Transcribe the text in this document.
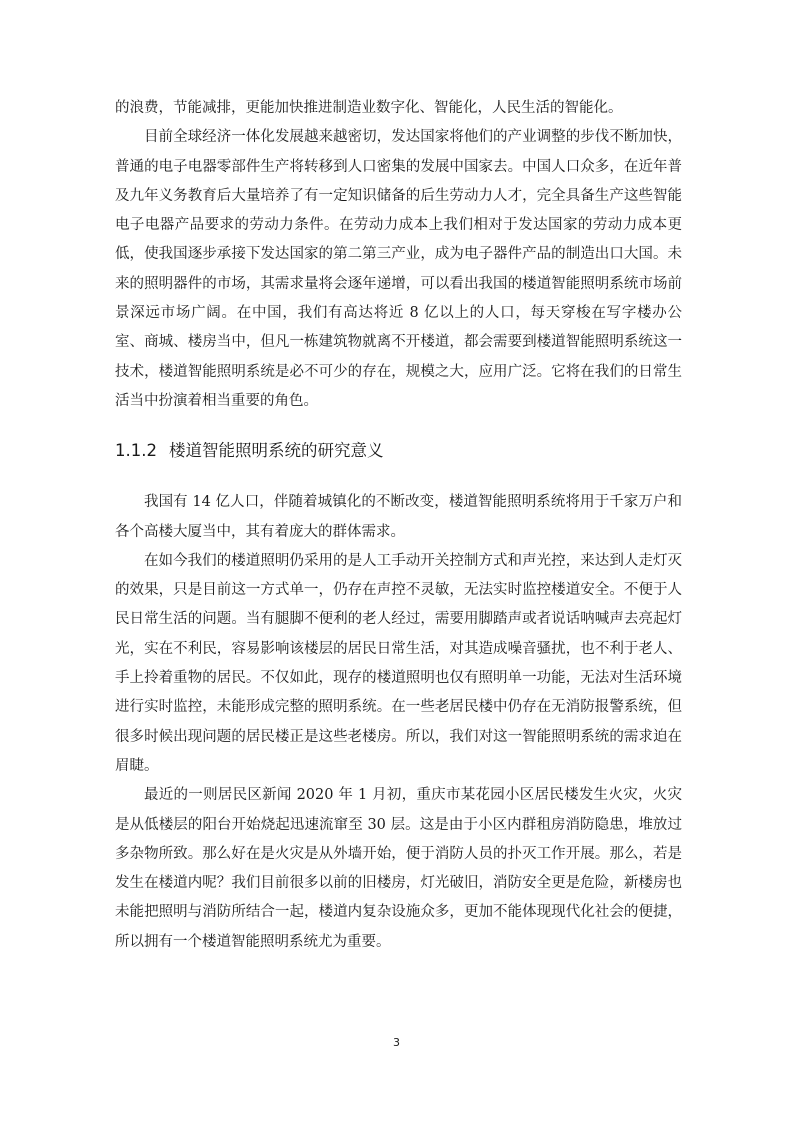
的浪费，节能减排，更能加快推进制造业数字化、智能化，人民生活的智能化。

目前全球经济一体化发展越来越密切，发达国家将他们的产业调整的步伐不断加快，普通的电子电器零部件生产将转移到人口密集的发展中国家去。中国人口众多，在近年普及九年义务教育后大量培养了有一定知识储备的后生劳动力人才，完全具备生产这些智能电子电器产品要求的劳动力条件。在劳动力成本上我们相对于发达国家的劳动力成本更低，使我国逐步承接下发达国家的第二第三产业，成为电子器件产品的制造出口大国。未来的照明器件的市场，其需求量将会逐年递增，可以看出我国的楼道智能照明系统市场前景深远市场广阔。在中国，我们有高达将近 8 亿以上的人口，每天穿梭在写字楼办公室、商城、楼房当中，但凡一栋建筑物就离不开楼道，都会需要到楼道智能照明系统这一技术，楼道智能照明系统是必不可少的存在，规模之大，应用广泛。它将在我们的日常生活当中扮演着相当重要的角色。

1.1.2 楼道智能照明系统的研究意义

我国有 14 亿人口，伴随着城镇化的不断改变，楼道智能照明系统将用于千家万户和各个高楼大厦当中，其有着庞大的群体需求。

在如今我们的楼道照明仍采用的是人工手动开关控制方式和声光控，来达到人走灯灭的效果，只是目前这一方式单一，仍存在声控不灵敏，无法实时监控楼道安全。不便于人民日常生活的问题。当有腿脚不便利的老人经过，需要用脚踏声或者说话呐喊声去亮起灯光，实在不利民，容易影响该楼层的居民日常生活，对其造成噪音骚扰，也不利于老人、手上拎着重物的居民。不仅如此，现存的楼道照明也仅有照明单一功能，无法对生活环境进行实时监控，未能形成完整的照明系统。在一些老居民楼中仍存在无消防报警系统，但很多时候出现问题的居民楼正是这些老楼房。所以，我们对这一智能照明系统的需求迫在眉睫。

最近的一则居民区新闻 2020 年 1 月初，重庆市某花园小区居民楼发生火灾，火灾是从低楼层的阳台开始烧起迅速流窜至 30 层。这是由于小区内群租房消防隐患，堆放过多杂物所致。那么好在是火灾是从外墙开始，便于消防人员的扑灭工作开展。那么，若是发生在楼道内呢？我们目前很多以前的旧楼房，灯光破旧，消防安全更是危险，新楼房也未能把照明与消防所结合一起，楼道内复杂设施众多，更加不能体现现代化社会的便捷，所以拥有一个楼道智能照明系统尤为重要。

3
